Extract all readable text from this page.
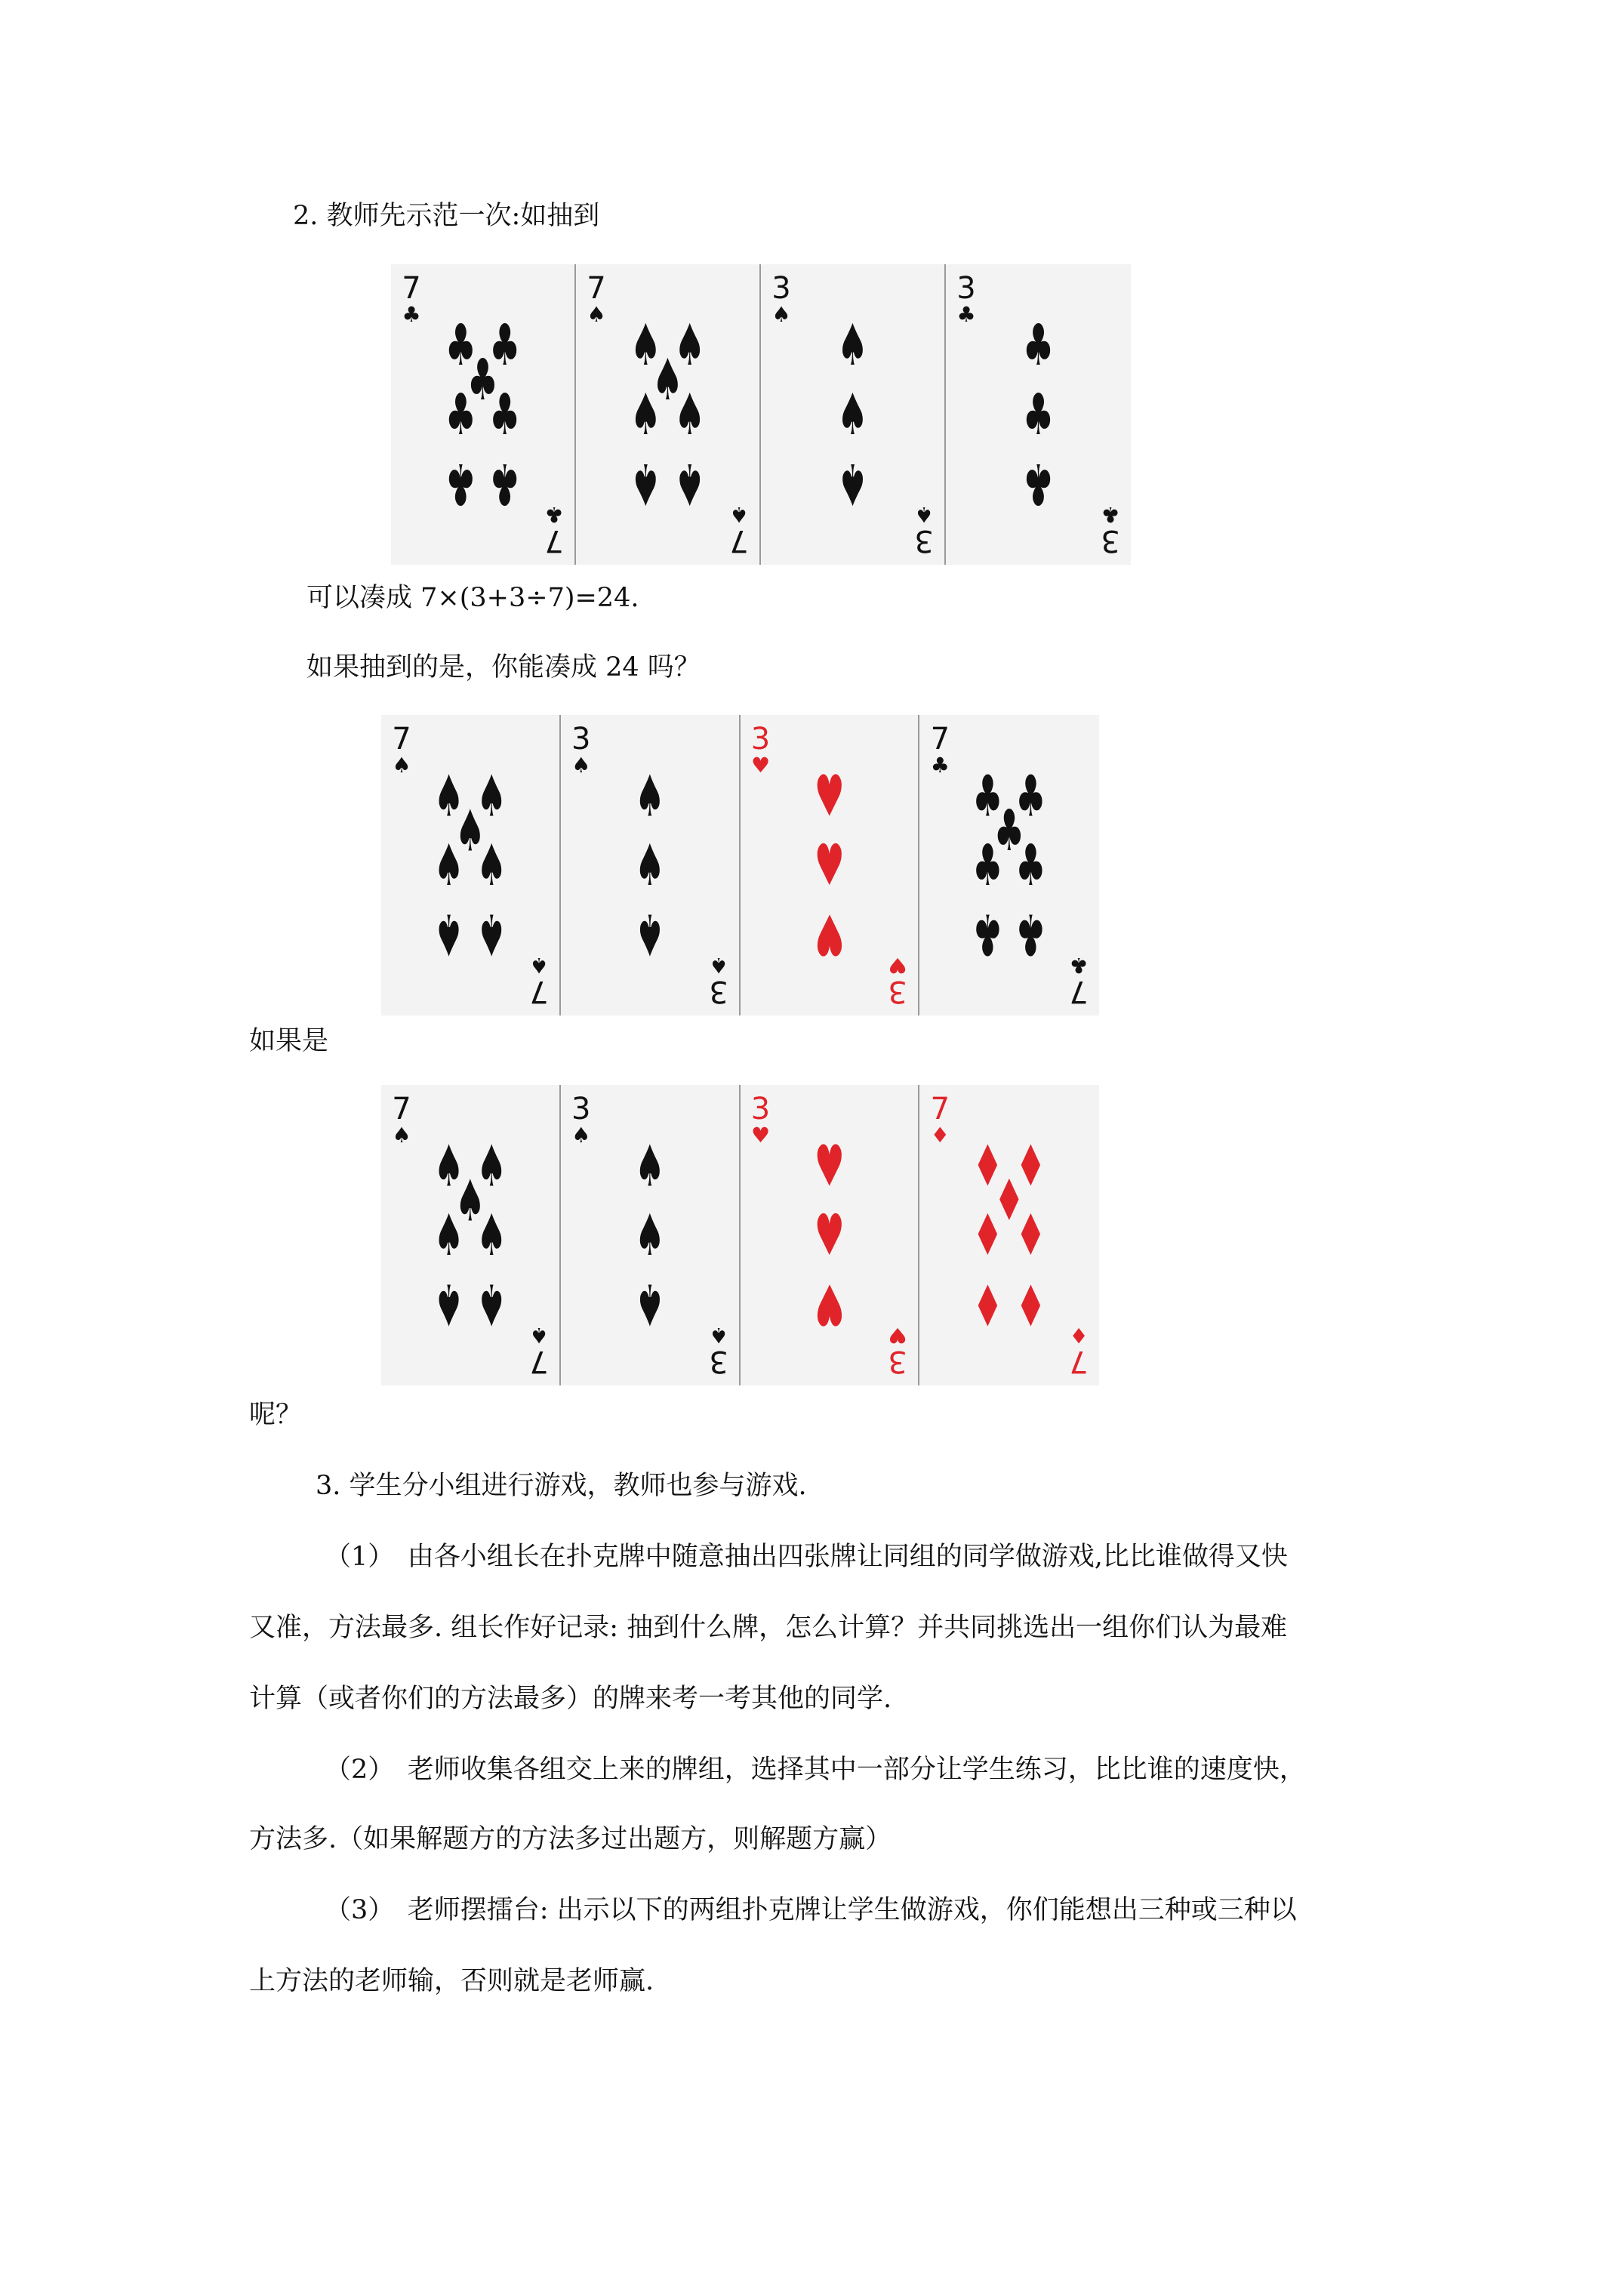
2. 教师先示范一次:如抽到
♣ ♣
♣
♣ ♣
♣ ♣
7
♣
7
♣
♠ ♠
♠
♠ ♠
♠ ♠
7
♠
7
♠
♠
♠
♠
3
♠
3
♠
♣
♣
♣
3
♣
3
♣
可以凑成 7×(3+3÷7)=24.
如果抽到的是，你能凑成 24 吗？
♠ ♠
♠
♠ ♠
♠ ♠
7
♠
7
♠
♠
♠
♠
3
♠
3
♠
♥
♥
♥
3
♥
3
♥
♣ ♣
♣
♣ ♣
♣ ♣
7
♣
7
♣
如果是
♠ ♠
♠
♠ ♠
♠ ♠
7
♠
7
♠
♠
♠
♠
3
♠
3
♠
♥
♥
♥
3
♥
3
♥
♦ ♦
♦
♦ ♦
♦ ♦
7
♦
7
♦
呢？
3. 学生分小组进行游戏，教师也参与游戏.
（1）　由各小组长在扑克牌中随意抽出四张牌让同组的同学做游戏,比比谁做得又快
又准，方法最多. 组长作好记录: 抽到什么牌，怎么计算？并共同挑选出一组你们认为最难
计算（或者你们的方法最多）的牌来考一考其他的同学.
（2）　老师收集各组交上来的牌组，选择其中一部分让学生练习，比比谁的速度快，
方法多.（如果解题方的方法多过出题方，则解题方赢）
（3）　老师摆擂台: 出示以下的两组扑克牌让学生做游戏，你们能想出三种或三种以
上方法的老师输，否则就是老师赢.
